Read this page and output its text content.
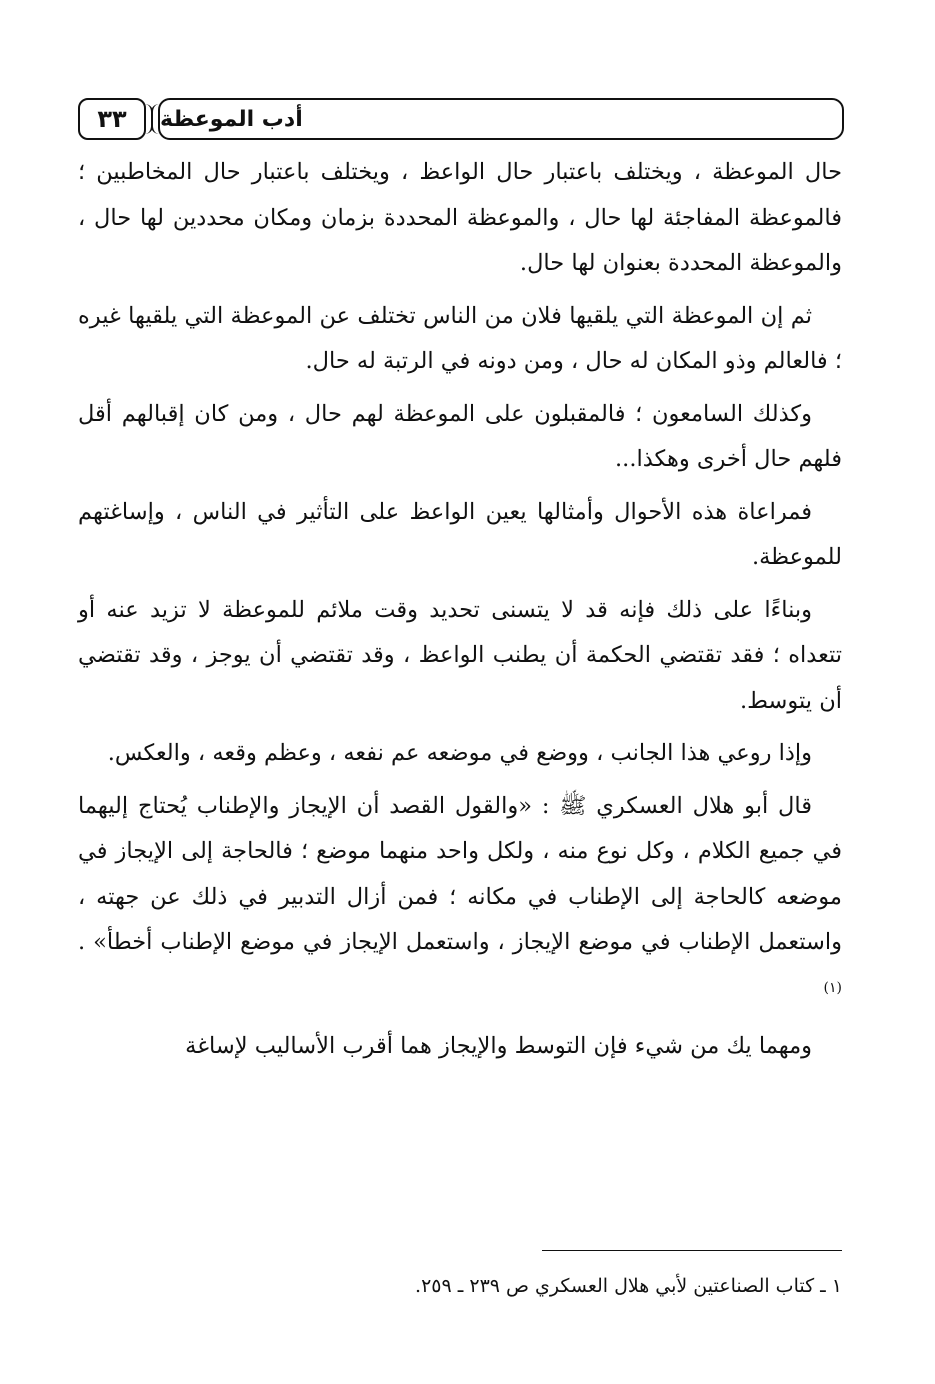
٣٣	أدب الموعظة

حال الموعظة ، ويختلف باعتبار حال الواعظ ، ويختلف باعتبار حال المخاطبين ؛ فالموعظة المفاجئة لها حال ، والموعظة المحددة بزمان ومكان محددين لها حال ، والموعظة المحددة بعنوان لها حال.

ثم إن الموعظة التي يلقيها فلان من الناس تختلف عن الموعظة التي يلقيها غيره ؛ فالعالم وذو المكان له حال ، ومن دونه في الرتبة له حال.

وكذلك السامعون ؛ فالمقبلون على الموعظة لهم حال ، ومن كان إقبالهم أقل فلهم حال أخرى وهكذا...

فمراعاة هذه الأحوال وأمثالها يعين الواعظ على التأثير في الناس ، وإساغتهم للموعظة.

وبناءًا على ذلك فإنه قد لا يتسنى تحديد وقت ملائم للموعظة لا تزيد عنه أو تتعداه ؛ فقد تقتضي الحكمة أن يطنب الواعظ ، وقد تقتضي أن يوجز ، وقد تقتضي أن يتوسط.

وإذا روعي هذا الجانب ، ووضع في موضعه عم نفعه ، وعظم وقعه ، والعكس.

قال أبو هلال العسكري ﷺ : «والقول القصد أن الإيجاز والإطناب يُحتاج إليهما في جميع الكلام ، وكل نوع منه ، ولكل واحد منهما موضع ؛ فالحاجة إلى الإيجاز في موضعه كالحاجة إلى الإطناب في مكانه ؛ فمن أزال التدبير في ذلك عن جهته ، واستعمل الإطناب في موضع الإيجاز ، واستعمل الإيجاز في موضع الإطناب أخطأ» . $^{(١)}$

ومهما يك من شيء فإن التوسط والإيجاز هما أقرب الأساليب لإساغة

١ ـ كتاب الصناعتين لأبي هلال العسكري ص ٢٣٩ ـ ٢٥٩.
